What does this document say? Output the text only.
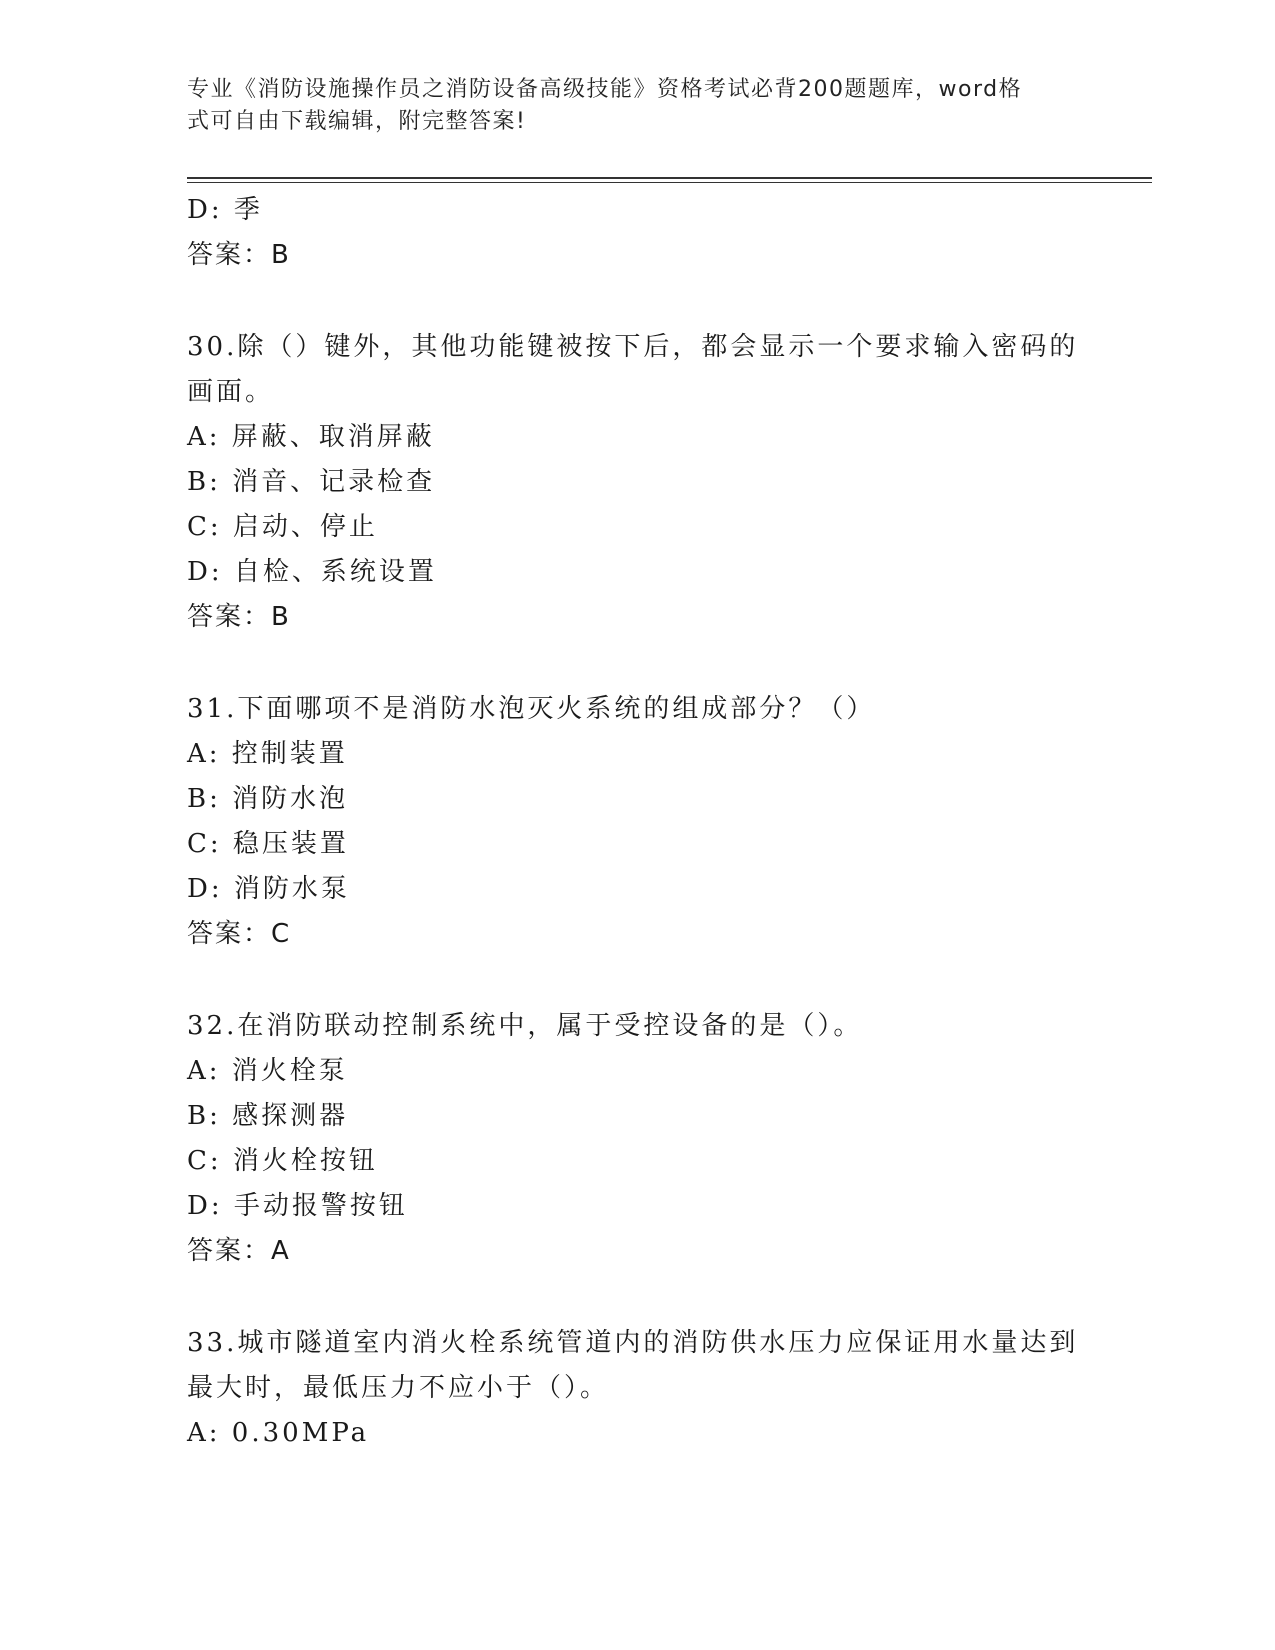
专业《消防设施操作员之消防设备高级技能》资格考试必背200题题库，word格
式可自由下载编辑，附完整答案!
D: 季
答案：B
30.除（）键外，其他功能键被按下后，都会显示一个要求输入密码的
画面。
A: 屏蔽、取消屏蔽
B: 消音、记录检查
C: 启动、停止
D: 自检、系统设置
答案：B
31.下面哪项不是消防水泡灭火系统的组成部分？（）
A: 控制装置
B: 消防水泡
C: 稳压装置
D: 消防水泵
答案：C
32.在消防联动控制系统中，属于受控设备的是（）。
A: 消火栓泵
B: 感探测器
C: 消火栓按钮
D: 手动报警按钮
答案：A
33.城市隧道室内消火栓系统管道内的消防供水压力应保证用水量达到
最大时，最低压力不应小于（）。
A: 0.30MPa
